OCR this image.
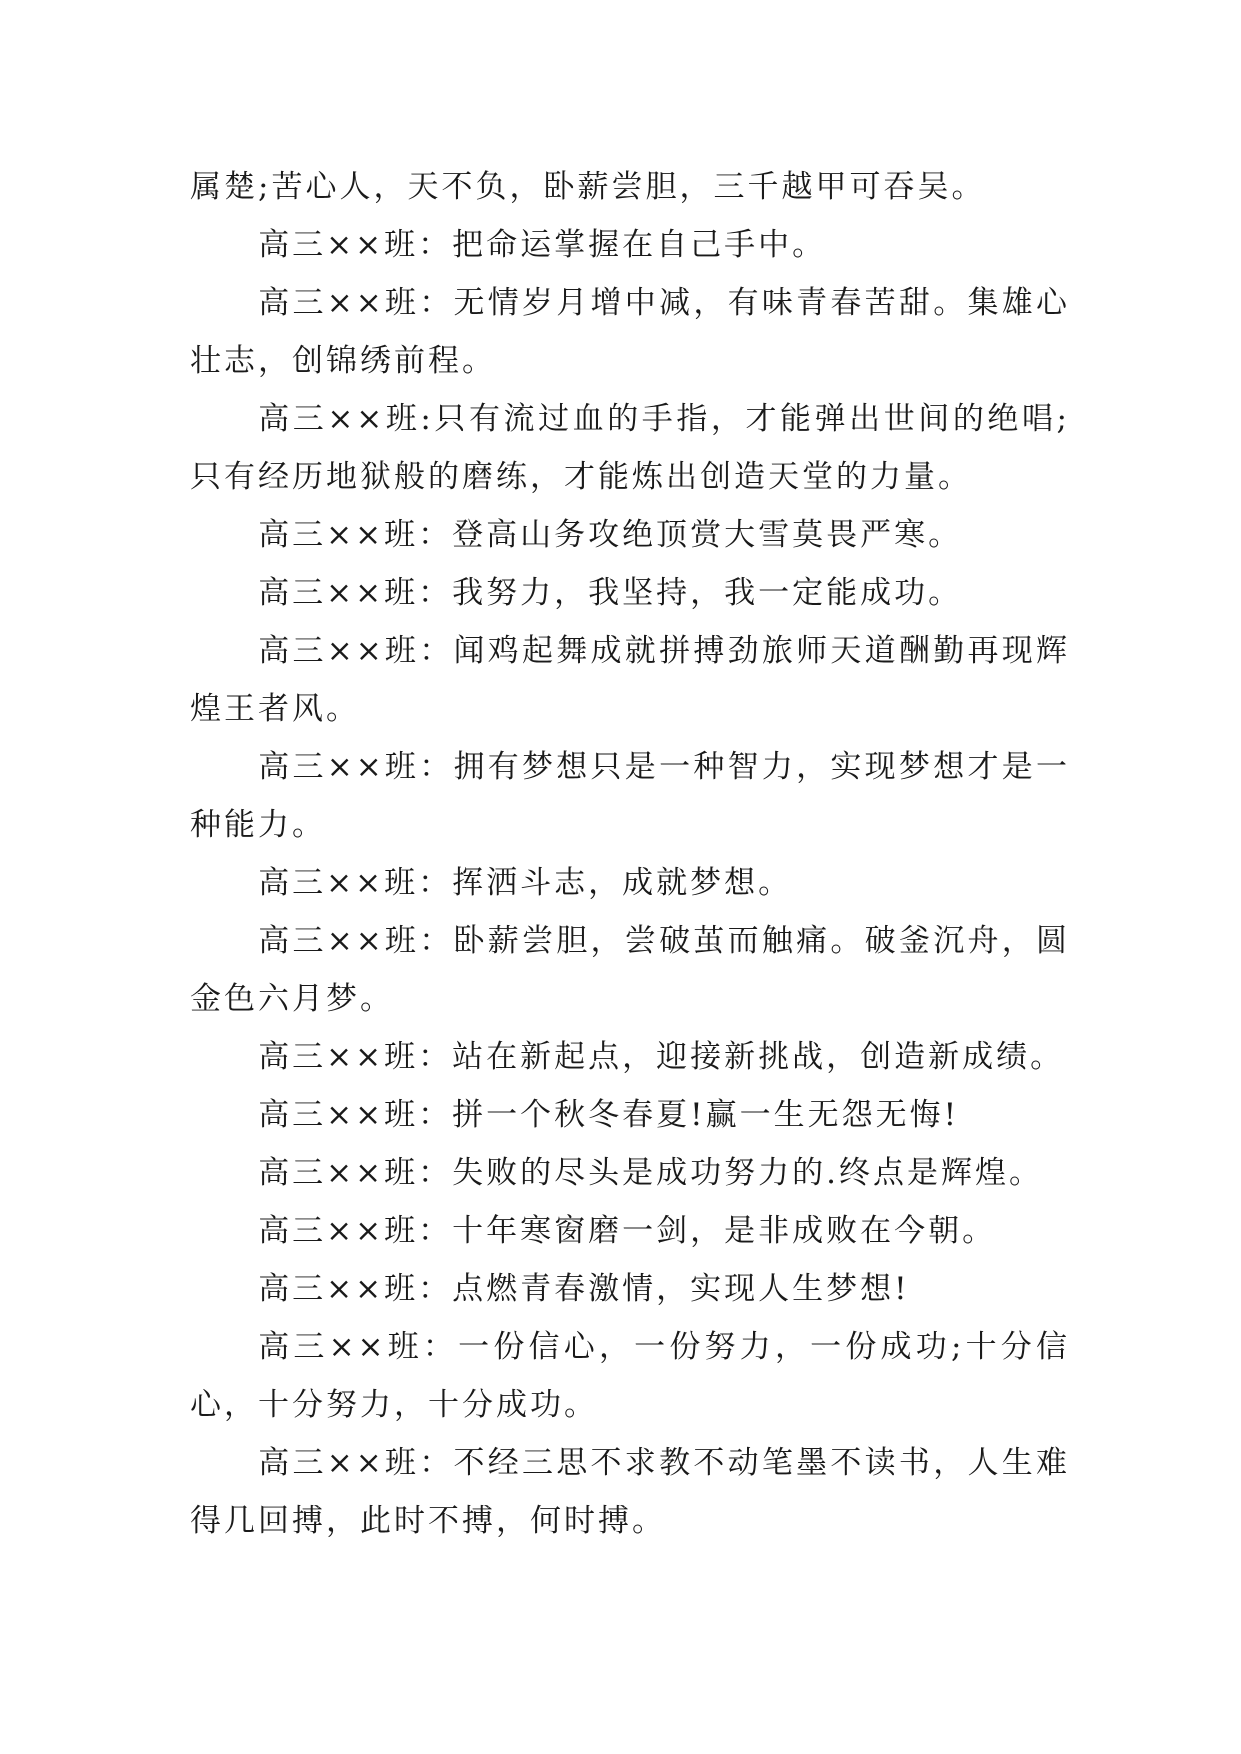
属楚;苦心人，天不负，卧薪尝胆，三千越甲可吞吴。

高三××班：把命运掌握在自己手中。

高三××班：无情岁月增中减，有味青春苦甜。集雄心壮志，创锦绣前程。

高三××班:只有流过血的手指，才能弹出世间的绝唱;只有经历地狱般的磨练，才能炼出创造天堂的力量。

高三××班：登高山务攻绝顶赏大雪莫畏严寒。

高三××班：我努力，我坚持，我一定能成功。

高三××班：闻鸡起舞成就拼搏劲旅师天道酬勤再现辉煌王者风。

高三××班：拥有梦想只是一种智力，实现梦想才是一种能力。

高三××班：挥洒斗志，成就梦想。

高三××班：卧薪尝胆，尝破茧而触痛。破釜沉舟，圆金色六月梦。

高三××班：站在新起点，迎接新挑战，创造新成绩。

高三××班：拼一个秋冬春夏!赢一生无怨无悔!

高三××班：失败的尽头是成功努力的.终点是辉煌。

高三××班：十年寒窗磨一剑，是非成败在今朝。

高三××班：点燃青春激情，实现人生梦想!

高三××班：一份信心，一份努力，一份成功;十分信心，十分努力，十分成功。

高三××班：不经三思不求教不动笔墨不读书，人生难得几回搏，此时不搏，何时搏。
